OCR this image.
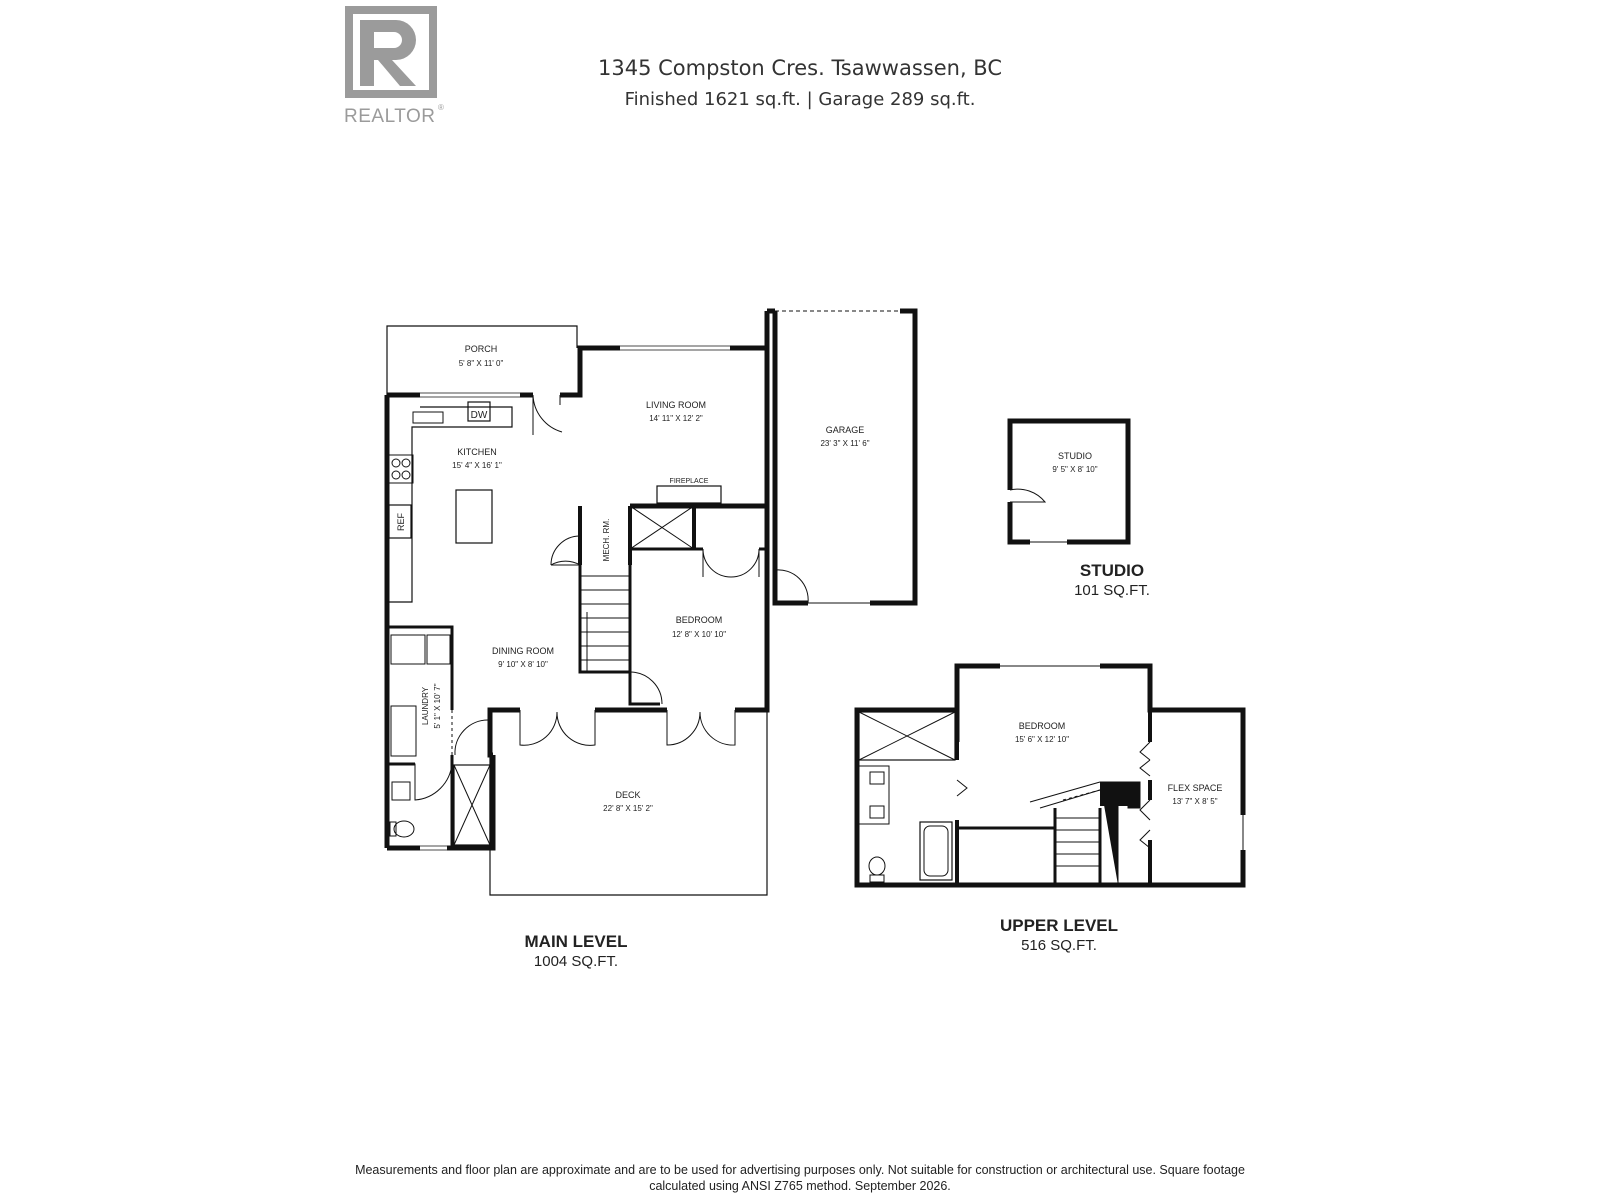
1345 Compston Cres. Tsawwassen, BC
Finished 1621 sq.ft. | Garage 289 sq.ft.
REALTOR ®
PORCH
5' 8" X 11' 0"
LIVING ROOM
14' 11" X 12' 2"
GARAGE
23' 3" X 11' 6"
KITCHEN
15' 4" X 16' 1"
DW
REF
FIREPLACE
MECH. RM.
BEDROOM
12' 8" X 10' 10"
DINING ROOM
9' 10" X 8' 10"
LAUNDRY 5' 1" X 10' 7"
DECK
22' 8" X 15' 2"
STUDIO
9' 5" X 8' 10"
BEDROOM
15' 6" X 12' 10"
FLEX SPACE
13' 7" X 8' 5"
MAIN LEVEL
1004 SQ.FT.
STUDIO
101 SQ.FT.
UPPER LEVEL
516 SQ.FT.
Measurements and floor plan are approximate and are to be used for advertising purposes only. Not suitable for construction or architectural use. Square footage calculated using ANSI Z765 method. September 2026.
